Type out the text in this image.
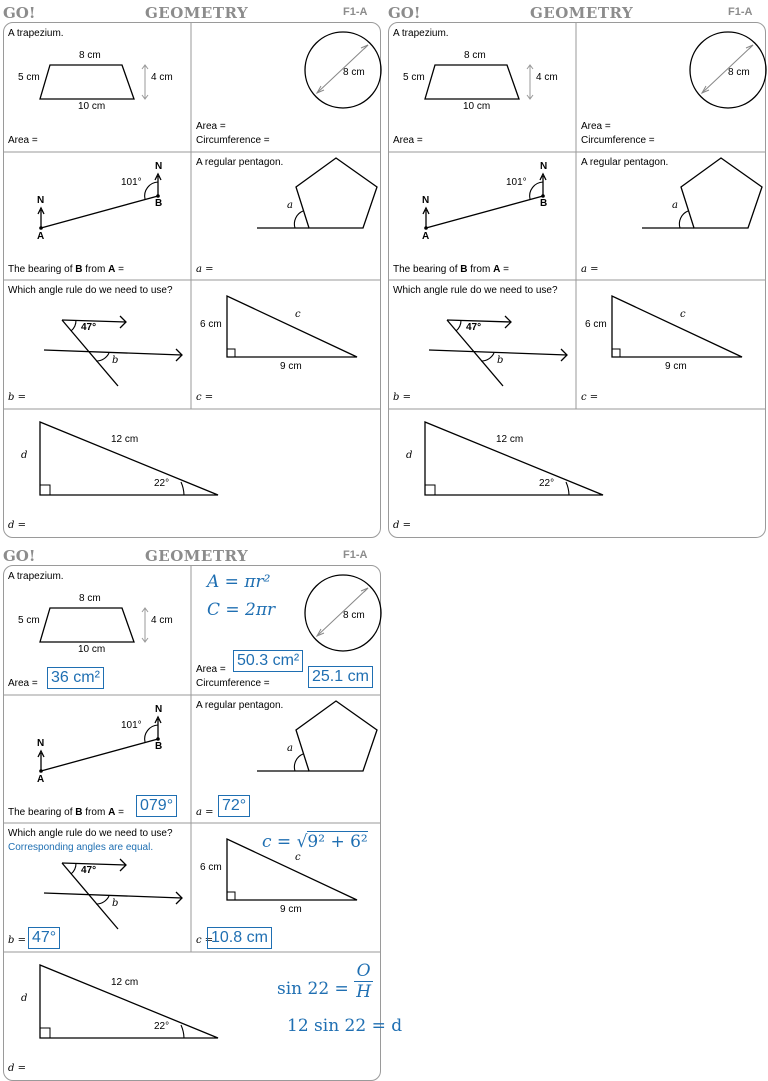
GO!	GEOMETRY	F1-A
A trapezium.
8 cm
5 cm	4 cm
10 cm
Area =
8 cm
Area =
Circumference =
N
N
101°
B
A
The bearing of B from A =
A regular pentagon.
a
a =
Which angle rule do we need to use?
47°
b
b =
6 cm
9 cm
c
c =
12 cm
22°
d
d =
GO!	GEOMETRY	F1-A
A trapezium.
8 cm
5 cm	4 cm
10 cm
Area =
8 cm
Area =
Circumference =
N
N
101°
B
A
The bearing of B from A =
A regular pentagon.
a
a =
Which angle rule do we need to use?
47°
b
b =
6 cm
9 cm
c
c =
12 cm
22°
d
d =
GO!	GEOMETRY	F1-A
A trapezium.
8 cm
5 cm	4 cm
10 cm
Area =
8 cm
Area =
Circumference =
N
N
101°
B
A
The bearing of B from A =
A regular pentagon.
a
a =
Which angle rule do we need to use?
47°
b
b =
6 cm
9 cm
c
c =
12 cm
22°
d
d =
36 cm²
A = πr²
C = 2πr
50.3 cm²
25.1 cm
079°	72°
Corresponding angles are equal.
47°
c = √9² + 6²
10.8 cm
$\sin 22 = \frac{O}{H}$
12 sin 22 = d
